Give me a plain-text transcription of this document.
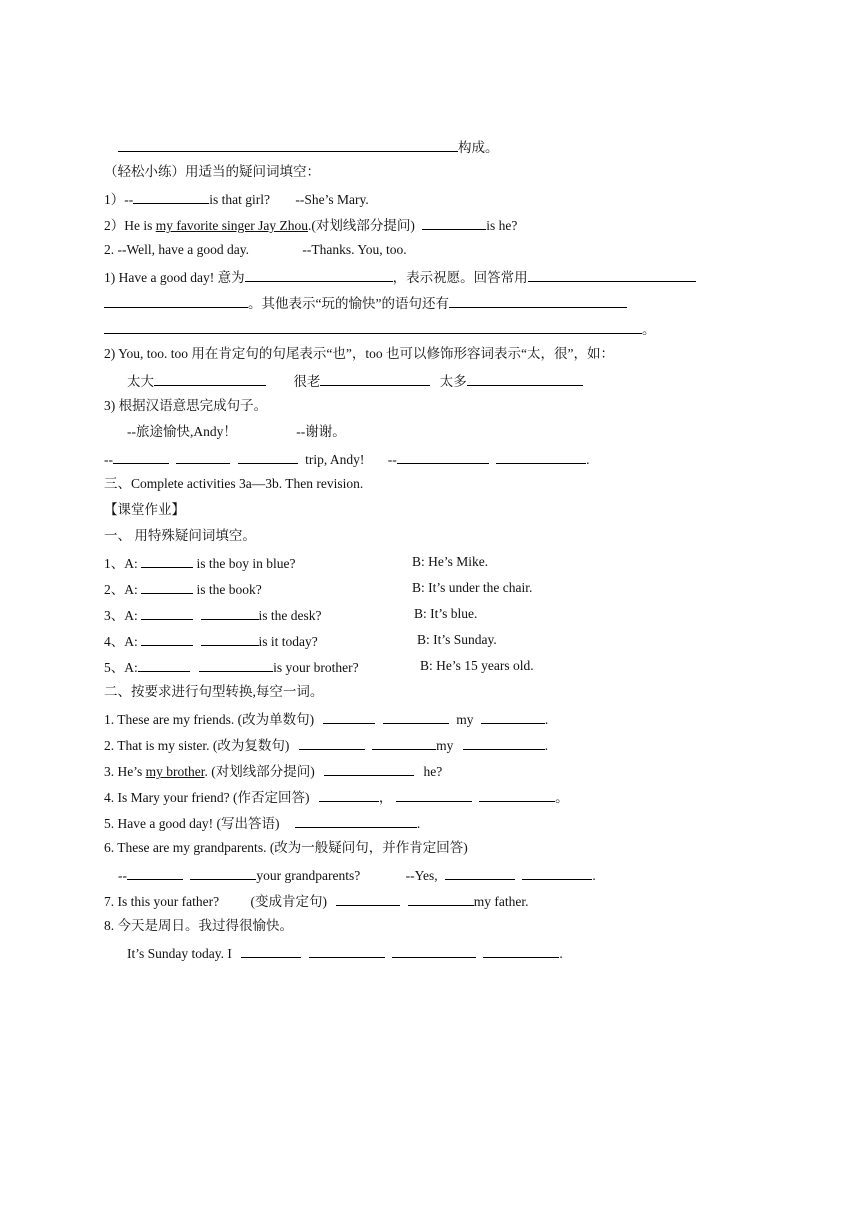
构成。
（轻松小练）用适当的疑问词填空：
1）--	is that girl? --She’s Mary.
2）He is my favorite singer Jay Zhou.(对划线部分提问)	is he?
2. --Well, have a good day.	--Thanks. You, too.
1) Have a good day! 意为	，表示祝愿。回答常用
。其他表示“玩的愉快”的语句还有
。
2) You, too. too 用在肯定句的句尾表示“也”，too 也可以修饰形容词表示“太，很”，如：
太大	很老	太多
3) 根据汉语意思完成句子。
--旅途愉快,Andy！	--谢谢。
--	trip, Andy! --	.
三、Complete activities 3a—3b. Then revision.
【课堂作业】
一、 用特殊疑问词填空。
1、A:	is the boy in blue?	B: He’s Mike.
2、A:	is the book?	B: It’s under the chair.
3、A:	is the desk?	B: It’s blue.
4、A:	is it today?	B: It’s Sunday.
5、A:	is your brother?	B: He’s 15 years old.
二、按要求进行句型转换,每空一词。
1. These are my friends. (改为单数句)	my	.
2. That is my sister. (改为复数句)	my	.
3. He’s my brother. (对划线部分提问)	he?
4. Is Mary your friend? (作否定回答)	，	。
5. Have a good day! (写出答语)	.
6. These are my grandparents. (改为一般疑问句，并作肯定回答)
--	your grandparents?	--Yes,	.
7. Is this your father? (变成肯定句)	my father.
8. 今天是周日。我过得很愉快。
It’s Sunday today. I	.
